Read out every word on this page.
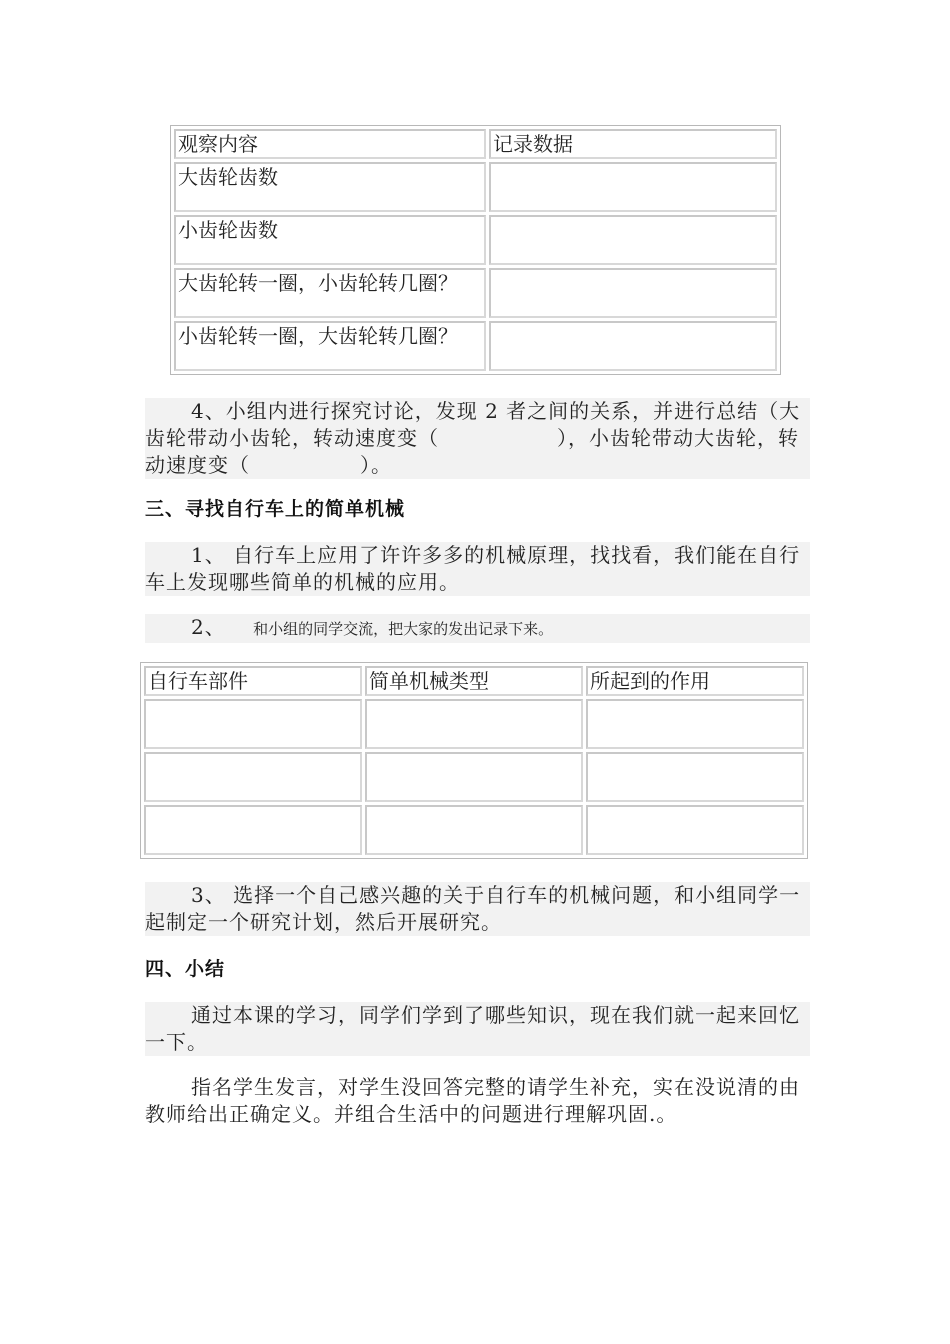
观察内容	记录数据
大齿轮齿数	
小齿轮齿数	
大齿轮转一圈，小齿轮转几圈？	
小齿轮转一圈，大齿轮转几圈？	
4、小组内进行探究讨论，发现 2 者之间的关系，并进行总结（大齿轮带动小齿轮，转动速度变（	），小齿轮带动大齿轮，转动速度变（	）。
三、寻找自行车上的简单机械
1、 自行车上应用了许许多多的机械原理，找找看，我们能在自行车上发现哪些简单的机械的应用。
2、 和小组的同学交流，把大家的发出记录下来。
自行车部件	简单机械类型	所起到的作用

3、 选择一个自己感兴趣的关于自行车的机械问题，和小组同学一起制定一个研究计划，然后开展研究。
四、小结
通过本课的学习，同学们学到了哪些知识，现在我们就一起来回忆一下。
指名学生发言，对学生没回答完整的请学生补充，实在没说清的由教师给出正确定义。并组合生活中的问题进行理解巩固.。
